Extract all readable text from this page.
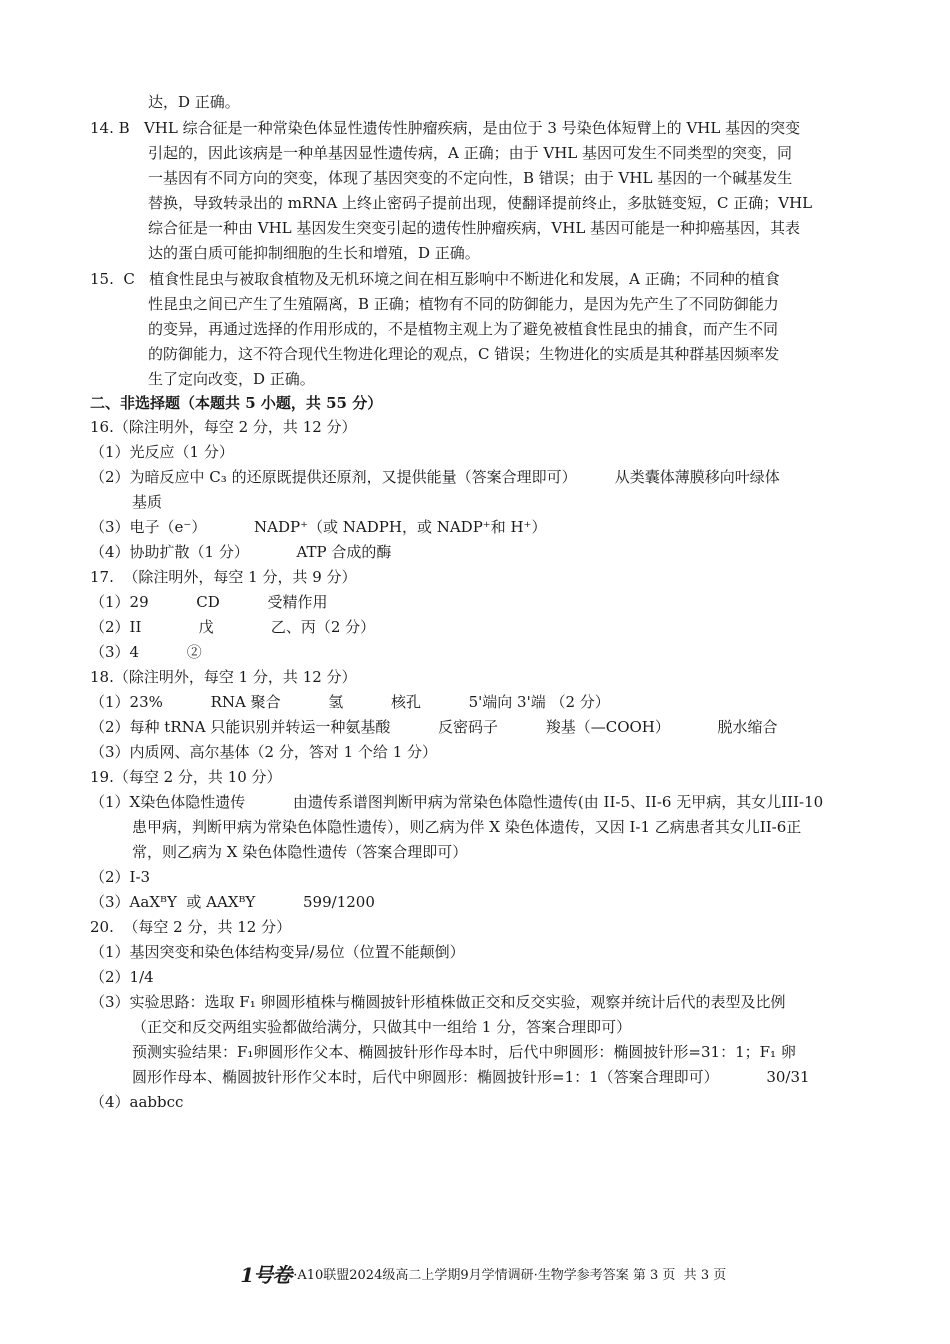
达，D 正确。
14. B   VHL 综合征是一种常染色体显性遗传性肿瘤疾病，是由位于 3 号染色体短臂上的 VHL 基因的突变
引起的，因此该病是一种单基因显性遗传病，A 正确；由于 VHL 基因可发生不同类型的突变，同
一基因有不同方向的突变，体现了基因突变的不定向性，B 错误；由于 VHL 基因的一个碱基发生
替换，导致转录出的 mRNA 上终止密码子提前出现，使翻译提前终止，多肽链变短，C 正确；VHL
综合征是一种由 VHL 基因发生突变引起的遗传性肿瘤疾病，VHL 基因可能是一种抑癌基因，其表
达的蛋白质可能抑制细胞的生长和增殖，D 正确。
15.  C   植食性昆虫与被取食植物及无机环境之间在相互影响中不断进化和发展，A 正确；不同种的植食
性昆虫之间已产生了生殖隔离，B 正确；植物有不同的防御能力，是因为先产生了不同防御能力
的变异，再通过选择的作用形成的，不是植物主观上为了避免被植食性昆虫的捕食，而产生不同
的防御能力，这不符合现代生物进化理论的观点，C 错误；生物进化的实质是其种群基因频率发
生了定向改变，D 正确。
二、非选择题（本题共 5 小题，共 55 分）
16.（除注明外，每空 2 分，共 12 分）
（1）光反应（1 分）
（2）为暗反应中 C₃ 的还原既提供还原剂，又提供能量（答案合理即可）        从类囊体薄膜移向叶绿体
基质
（3）电子（e⁻）          NADP⁺（或 NADPH，或 NADP⁺和 H⁺）
（4）协助扩散（1 分）          ATP 合成的酶
17.  （除注明外，每空 1 分，共 9 分）
（1）29          CD          受精作用
（2）II            戊            乙、丙（2 分）
（3）4          ②
18.（除注明外，每空 1 分，共 12 分）
（1）23%          RNA 聚合          氢          核孔          5'端向 3'端 （2 分）
（2）每种 tRNA 只能识别并转运一种氨基酸          反密码子          羧基（—COOH）          脱水缩合
（3）内质网、高尔基体（2 分，答对 1 个给 1 分）
19.（每空 2 分，共 10 分）
（1）X染色体隐性遗传          由遗传系谱图判断甲病为常染色体隐性遗传(由 II-5、II-6 无甲病，其女儿III-10
患甲病，判断甲病为常染色体隐性遗传），则乙病为伴 X 染色体遗传，又因 I-1 乙病患者其女儿II-6正
常，则乙病为 X 染色体隐性遗传（答案合理即可）
（2）I-3
（3）AaXᴮY  或 AAXᴮY          599/1200
20.  （每空 2 分，共 12 分）
（1）基因突变和染色体结构变异/易位（位置不能颠倒）
（2）1/4
（3）实验思路：选取 F₁ 卵圆形植株与椭圆披针形植株做正交和反交实验，观察并统计后代的表型及比例
（正交和反交两组实验都做给满分，只做其中一组给 1 分，答案合理即可）
预测实验结果：F₁卵圆形作父本、椭圆披针形作母本时，后代中卵圆形：椭圆披针形=31：1；F₁ 卵
圆形作母本、椭圆披针形作父本时，后代中卵圆形：椭圆披针形=1：1（答案合理即可）          30/31
（4）aabbcc

1号卷 ·A10联盟2024级高二上学期9月学情调研·生物学参考答案 第 3 页  共 3 页
